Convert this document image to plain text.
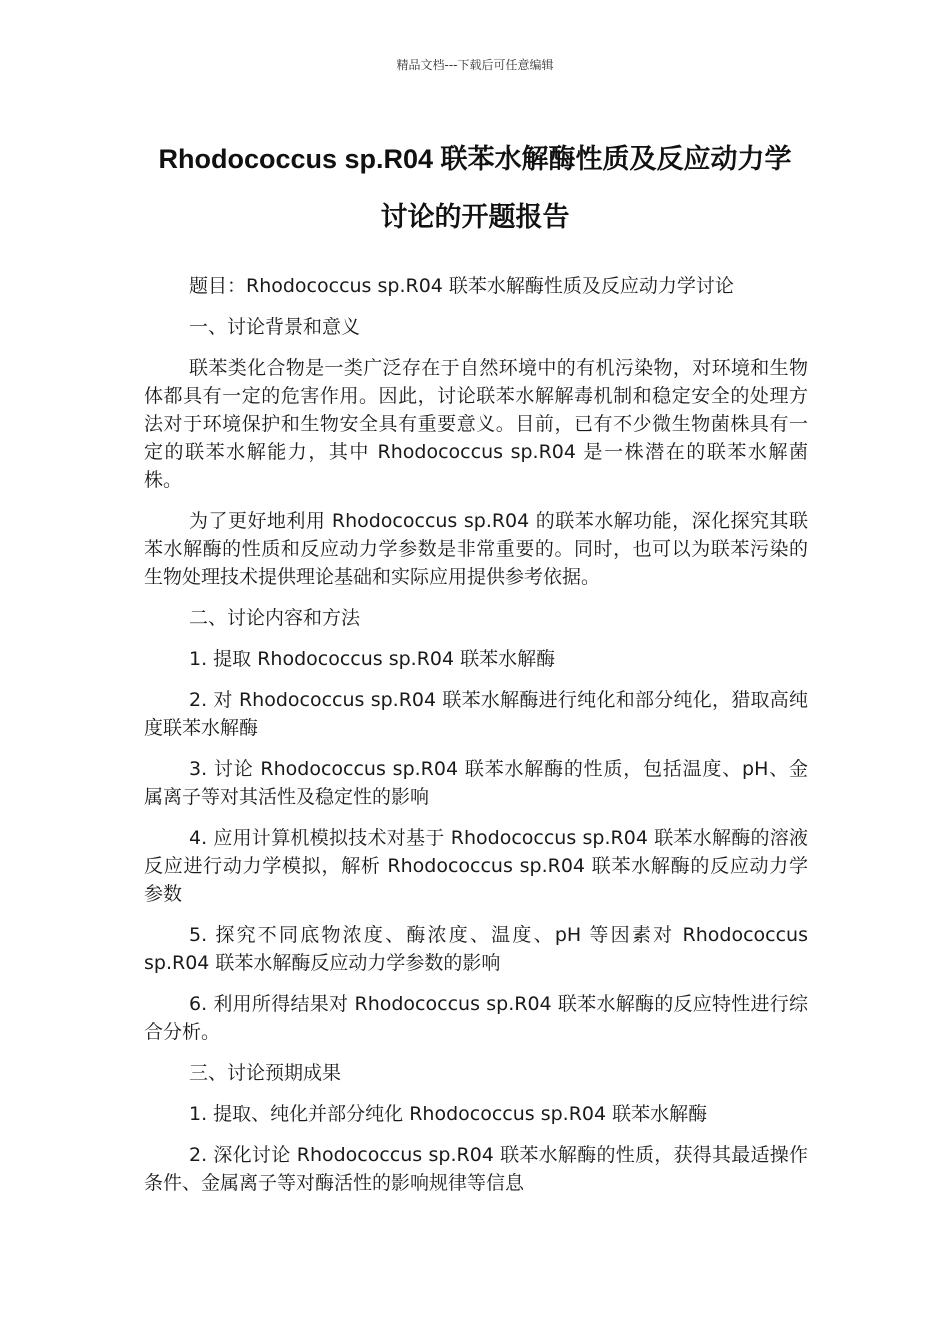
精品文档---下载后可任意编辑
Rhodococcus sp.R04 联苯水解酶性质及反应动力学
讨论的开题报告

题目：Rhodococcus sp.R04 联苯水解酶性质及反应动力学讨论

一、讨论背景和意义

联苯类化合物是一类广泛存在于自然环境中的有机污染物，对环境和生物体都具有一定的危害作用。因此，讨论联苯水解解毒机制和稳定安全的处理方法对于环境保护和生物安全具有重要意义。目前，已有不少微生物菌株具有一定的联苯水解能力，其中 Rhodococcus sp.R04 是一株潜在的联苯水解菌株。

为了更好地利用 Rhodococcus sp.R04 的联苯水解功能，深化探究其联苯水解酶的性质和反应动力学参数是非常重要的。同时，也可以为联苯污染的生物处理技术提供理论基础和实际应用提供参考依据。

二、讨论内容和方法

1. 提取 Rhodococcus sp.R04 联苯水解酶

2. 对 Rhodococcus sp.R04 联苯水解酶进行纯化和部分纯化，猎取高纯度联苯水解酶

3. 讨论 Rhodococcus sp.R04 联苯水解酶的性质，包括温度、pH、金属离子等对其活性及稳定性的影响

4. 应用计算机模拟技术对基于 Rhodococcus sp.R04 联苯水解酶的溶液反应进行动力学模拟，解析 Rhodococcus sp.R04 联苯水解酶的反应动力学参数

5. 探究不同底物浓度、酶浓度、温度、pH 等因素对 Rhodococcus sp.R04 联苯水解酶反应动力学参数的影响

6. 利用所得结果对 Rhodococcus sp.R04 联苯水解酶的反应特性进行综合分析。

三、讨论预期成果

1. 提取、纯化并部分纯化 Rhodococcus sp.R04 联苯水解酶

2. 深化讨论 Rhodococcus sp.R04 联苯水解酶的性质，获得其最适操作条件、金属离子等对酶活性的影响规律等信息
